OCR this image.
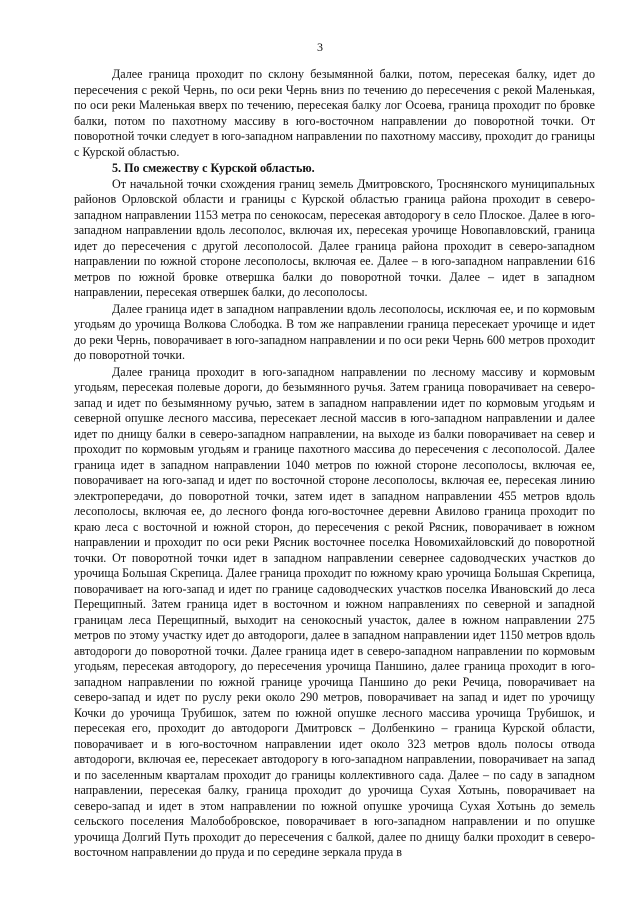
3

Далее граница проходит по склону безымянной балки, потом, пересекая балку, идет до пересечения с рекой Чернь, по оси реки Чернь вниз по течению до пересечения с рекой Маленькая, по оси реки Маленькая вверх по течению, пересекая балку лог Осоева, граница проходит по бровке балки, потом по пахотному массиву в юго-восточном направлении до поворотной точки. От поворотной точки следует в юго-западном направлении по пахотному массиву, проходит до границы с Курской областью.

5. По смежеству с Курской областью.

От начальной точки схождения границ земель Дмитровского, Троснянского муниципальных районов Орловской области и границы с Курской областью граница района проходит в северо-западном направлении 1153 метра по сенокосам, пересекая автодорогу в село Плоское. Далее в юго-западном направлении вдоль лесополос, включая их, пересекая урочище Новопавловский, граница идет до пересечения с другой лесополосой. Далее граница района проходит в северо-западном направлении по южной стороне лесополосы, включая ее. Далее – в юго-западном направлении 616 метров по южной бровке отвершка балки до поворотной точки. Далее – идет в западном направлении, пересекая отвершек балки, до лесополосы.

Далее граница идет в западном направлении вдоль лесополосы, исключая ее, и по кормовым угодьям до урочища Волкова Слободка. В том же направлении граница пересекает урочище и идет до реки Чернь, поворачивает в юго-западном направлении и по оси реки Чернь 600 метров проходит до поворотной точки.

Далее граница проходит в юго-западном направлении по лесному массиву и кормовым угодьям, пересекая полевые дороги, до безымянного ручья. Затем граница поворачивает на северо-запад и идет по безымянному ручью, затем в западном направлении идет по кормовым угодьям и северной опушке лесного массива, пересекает лесной массив в юго-западном направлении и далее идет по днищу балки в северо-западном направлении, на выходе из балки поворачивает на север и проходит по кормовым угодьям и границе пахотного массива до пересечения с лесополосой. Далее граница идет в западном направлении 1040 метров по южной стороне лесополосы, включая ее, поворачивает на юго-запад и идет по восточной стороне лесополосы, включая ее, пересекая линию электропередачи, до поворотной точки, затем идет в западном направлении 455 метров вдоль лесополосы, включая ее, до лесного фонда юго-восточнее деревни Авилово граница проходит по краю леса с восточной и южной сторон, до пересечения с рекой Рясник, поворачивает в южном направлении и проходит по оси реки Рясник восточнее поселка Новомихайловский до поворотной точки. От поворотной точки идет в западном направлении севернее садоводческих участков до урочища Большая Скрепица. Далее граница проходит по южному краю урочища Большая Скрепица, поворачивает на юго-запад и идет по границе садоводческих участков поселка Ивановский до леса Перещипный. Затем граница идет в восточном и южном направлениях по северной и западной границам леса Перещипный, выходит на сенокосный участок, далее в южном направлении 275 метров по этому участку идет до автодороги, далее в западном направлении идет 1150 метров вдоль автодороги до поворотной точки. Далее граница идет в северо-западном направлении по кормовым угодьям, пересекая автодорогу, до пересечения урочища Паншино, далее граница проходит в юго-западном направлении по южной границе урочища Паншино до реки Речица, поворачивает на северо-запад и идет по руслу реки около 290 метров, поворачивает на запад и идет по урочищу Кочки до урочища Трубишок, затем по южной опушке лесного массива урочища Трубишок, и пересекая его, проходит до автодороги Дмитровск – Долбенкино – граница Курской области, поворачивает и в юго-восточном направлении идет около 323 метров вдоль полосы отвода автодороги, включая ее, пересекает автодорогу в юго-западном направлении, поворачивает на запад и по заселенным кварталам проходит до границы коллективного сада. Далее – по саду в западном направлении, пересекая балку, граница проходит до урочища Сухая Хотынь, поворачивает на северо-запад и идет в этом направлении по южной опушке урочища Сухая Хотынь до земель сельского поселения Малобобровское, поворачивает в юго-западном направлении и по опушке урочища Долгий Путь проходит до пересечения с балкой, далее по днищу балки проходит в северо-восточном направлении до пруда и по середине зеркала пруда в
